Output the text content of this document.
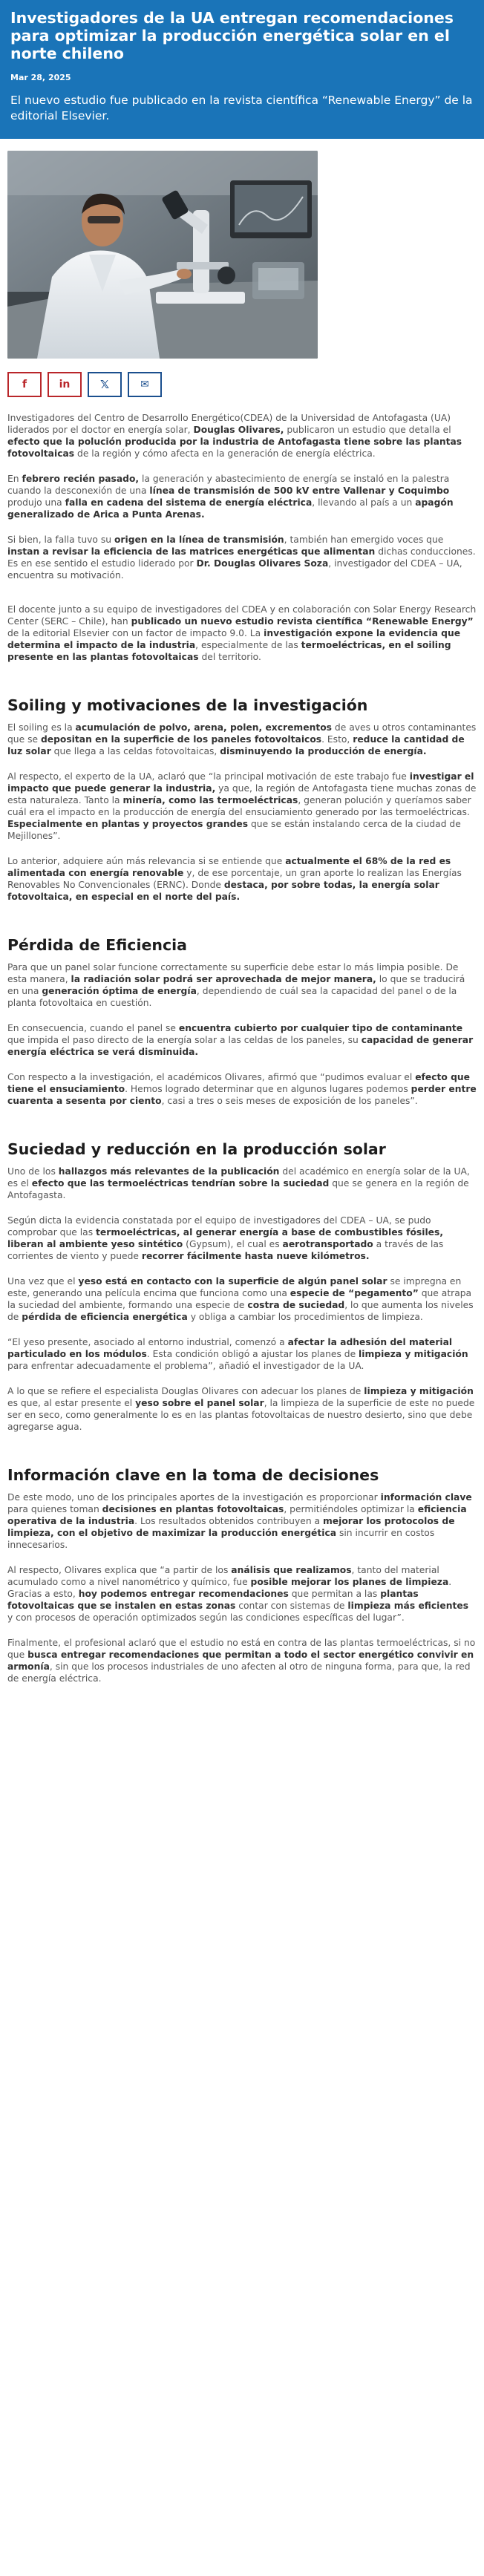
Investigadores de la UA entregan recomendaciones para optimizar la producción energética solar en el norte chileno
Mar 28, 2025

El nuevo estudio fue publicado en la revista científica “Renewable Energy” de la editorial Elsevier.

f	in	𝕏	✉

Investigadores del Centro de Desarrollo Energético(CDEA) de la Universidad de Antofagasta (UA) liderados por el doctor en energía solar, Douglas Olivares, publicaron un estudio que detalla el efecto que la polución producida por la industria de Antofagasta tiene sobre las plantas fotovoltaicas de la región y cómo afecta en la generación de energía eléctrica.

En febrero recién pasado, la generación y abastecimiento de energía se instaló en la palestra cuando la desconexión de una línea de transmisión de 500 kV entre Vallenar y Coquimbo produjo una falla en cadena del sistema de energía eléctrica, llevando al país a un apagón generalizado de Arica a Punta Arenas.

Si bien, la falla tuvo su origen en la línea de transmisión, también han emergido voces que instan a revisar la eficiencia de las matrices energéticas que alimentan dichas conducciones. Es en ese sentido el estudio liderado por Dr. Douglas Olivares Soza, investigador del CDEA – UA, encuentra su motivación.

El docente junto a su equipo de investigadores del CDEA y en colaboración con Solar Energy Research Center (SERC – Chile), han publicado un nuevo estudio revista científica “Renewable Energy” de la editorial Elsevier con un factor de impacto 9.0. La investigación expone la evidencia que determina el impacto de la industria, especialmente de las termoeléctricas, en el soiling presente en las plantas fotovoltaicas del territorio.

Soiling y motivaciones de la investigación

El soiling es la acumulación de polvo, arena, polen, excrementos de aves u otros contaminantes que se depositan en la superficie de los paneles fotovoltaicos. Esto, reduce la cantidad de luz solar que llega a las celdas fotovoltaicas, disminuyendo la producción de energía.

Al respecto, el experto de la UA, aclaró que “la principal motivación de este trabajo fue investigar el impacto que puede generar la industria, ya que, la región de Antofagasta tiene muchas zonas de esta naturaleza. Tanto la minería, como las termoeléctricas, generan polución y queríamos saber cuál era el impacto en la producción de energía del ensuciamiento generado por las termoeléctricas. Especialmente en plantas y proyectos grandes que se están instalando cerca de la ciudad de Mejillones”.

Lo anterior, adquiere aún más relevancia si se entiende que actualmente el 68% de la red es alimentada con energía renovable y, de ese porcentaje, un gran aporte lo realizan las Energías Renovables No Convencionales (ERNC). Donde destaca, por sobre todas, la energía solar fotovoltaica, en especial en el norte del país.

Pérdida de Eficiencia

Para que un panel solar funcione correctamente su superficie debe estar lo más limpia posible. De esta manera, la radiación solar podrá ser aprovechada de mejor manera, lo que se traducirá en una generación óptima de energía, dependiendo de cuál sea la capacidad del panel o de la planta fotovoltaica en cuestión.

En consecuencia, cuando el panel se encuentra cubierto por cualquier tipo de contaminante que impida el paso directo de la energía solar a las celdas de los paneles, su capacidad de generar energía eléctrica se verá disminuida.

Con respecto a la investigación, el académicos Olivares, afirmó que “pudimos evaluar el efecto que tiene el ensuciamiento. Hemos logrado determinar que en algunos lugares podemos perder entre cuarenta a sesenta por ciento, casi a tres o seis meses de exposición de los paneles”.

Suciedad y reducción en la producción solar

Uno de los hallazgos más relevantes de la publicación del académico en energía solar de la UA, es el efecto que las termoeléctricas tendrían sobre la suciedad que se genera en la región de Antofagasta.

Según dicta la evidencia constatada por el equipo de investigadores del CDEA – UA, se pudo comprobar que las termoeléctricas, al generar energía a base de combustibles fósiles, liberan al ambiente yeso sintético (Gypsum), el cual es aerotransportado a través de las corrientes de viento y puede recorrer fácilmente hasta nueve kilómetros.

Una vez que el yeso está en contacto con la superficie de algún panel solar se impregna en este, generando una película encima que funciona como una especie de “pegamento” que atrapa la suciedad del ambiente, formando una especie de costra de suciedad, lo que aumenta los niveles de pérdida de eficiencia energética y obliga a cambiar los procedimientos de limpieza.

“El yeso presente, asociado al entorno industrial, comenzó a afectar la adhesión del material particulado en los módulos. Esta condición obligó a ajustar los planes de limpieza y mitigación para enfrentar adecuadamente el problema”, añadió el investigador de la UA.

A lo que se refiere el especialista Douglas Olivares con adecuar los planes de limpieza y mitigación es que, al estar presente el yeso sobre el panel solar, la limpieza de la superficie de este no puede ser en seco, como generalmente lo es en las plantas fotovoltaicas de nuestro desierto, sino que debe agregarse agua.

Información clave en la toma de decisiones

De este modo, uno de los principales aportes de la investigación es proporcionar información clave para quienes toman decisiones en plantas fotovoltaicas, permitiéndoles optimizar la eficiencia operativa de la industria. Los resultados obtenidos contribuyen a mejorar los protocolos de limpieza, con el objetivo de maximizar la producción energética sin incurrir en costos innecesarios.

Al respecto, Olivares explica que “a partir de los análisis que realizamos, tanto del material acumulado como a nivel nanométrico y químico, fue posible mejorar los planes de limpieza. Gracias a esto, hoy podemos entregar recomendaciones que permitan a las plantas fotovoltaicas que se instalen en estas zonas contar con sistemas de limpieza más eficientes y con procesos de operación optimizados según las condiciones específicas del lugar”.

Finalmente, el profesional aclaró que el estudio no está en contra de las plantas termoeléctricas, si no que busca entregar recomendaciones que permitan a todo el sector energético convivir en armonía, sin que los procesos industriales de uno afecten al otro de ninguna forma, para que, la red de energía eléctrica.
